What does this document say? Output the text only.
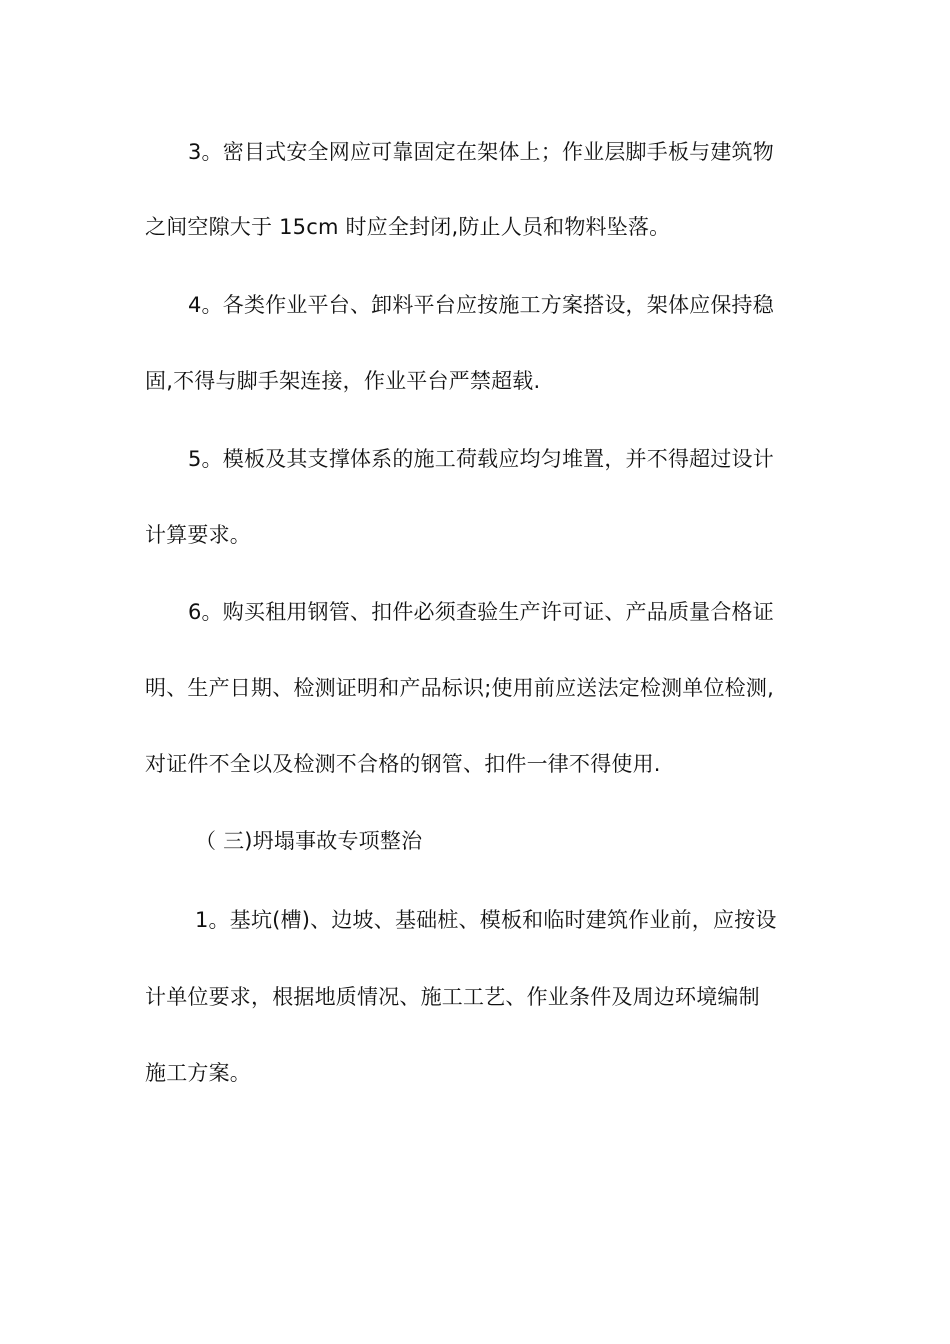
3。密目式安全网应可靠固定在架体上；作业层脚手板与建筑物
之间空隙大于 15cm 时应全封闭,防止人员和物料坠落。
4。各类作业平台、卸料平台应按施工方案搭设，架体应保持稳
固,不得与脚手架连接，作业平台严禁超载.
5。模板及其支撑体系的施工荷载应均匀堆置，并不得超过设计
计算要求。
6。购买租用钢管、扣件必须查验生产许可证、产品质量合格证
明、生产日期、检测证明和产品标识;使用前应送法定检测单位检测,
对证件不全以及检测不合格的钢管、扣件一律不得使用.
（ 三)坍塌事故专项整治
1。基坑(槽)、边坡、基础桩、模板和临时建筑作业前，应按设
计单位要求，根据地质情况、施工工艺、作业条件及周边环境编制
施工方案。
